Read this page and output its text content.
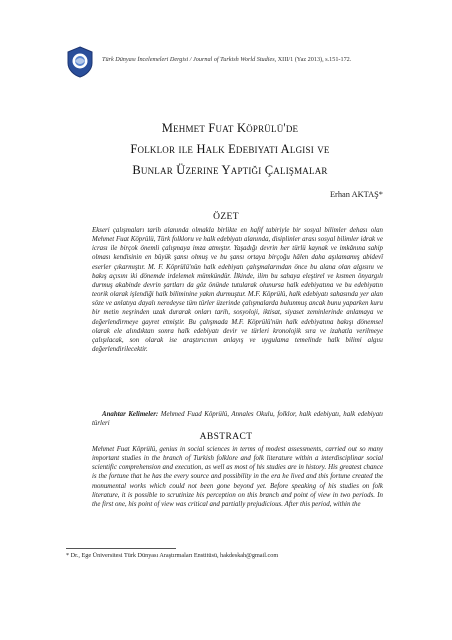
Türk Dünyası İncelemeleri Dergisi / Journal of Turkish World Studies, XIII/1 (Yaz 2013), s.151-172.
Mehmet Fuat Köprülü'de
Folklor ile Halk Edebiyatı Algısı ve
Bunlar Üzerine Yaptığı Çalışmalar
Erhan AKTAŞ*
ÖZET
Ekseri çalışmaları tarih alanında olmakla birlikte en hafif tabiriyle bir sosyal bilimler dehası olan Mehmet Fuat Köprülü, Türk folkloru ve halk edebiyatı alanında, disiplinler arası sosyal bilimler idrak ve icrası ile birçok önemli çalışmaya imza atmıştır. Yaşadığı devrin her türlü kaynak ve imkânına sahip olması kendisinin en büyük şansı olmuş ve bu şansı ortaya birçoğu hâlen daha aşılamamış abidevî eserler çıkarmıştır. M. F. Köprülü'nün halk edebiyatı çalışmalarından önce bu alana olan algısını ve bakış açısını iki dönemde irdelemek mümkündür. İlkinde, ilim bu sahaya eleştirel ve kısmen önyargılı durmuş akabinde devrin şartları da göz önünde tutularak olunursa halk edebiyatına ve bu edebiyatın teorik olarak işlendiği halk biliminine yakın durmuştur. M.F. Köprülü, halk edebiyatı sahasında yer alan söze ve anlatıya dayalı neredeyse tüm türler üzerinde çalışmalarda bulunmuş ancak bunu yaparken kuru bir metin neşrinden uzak durarak onları tarih, sosyoloji, iktisat, siyaset zeminlerinde anlamaya ve değerlendirmeye gayret etmiştir. Bu çalışmada M.F. Köprülü'nün halk edebiyatına bakışı dönemsel olarak ele alındıktan sonra halk edebiyatı devir ve türleri kronolojik sıra ve izahatla verilmeye çalışılacak, son olarak ise araştırıcının anlayış ve uygulama temelinde halk bilimi algısı değerlendirilecektir.
Anahtar Kelimeler: Mehmed Fuad Köprülü, Annales Okulu, folklor, halk edebiyatı, halk edebiyatı türleri
ABSTRACT
Mehmet Fuat Köprülü, genius in social sciences in terms of modest assessments, carried out so many important studies in the branch of Turkish folklore and folk literature within a interdisciplinar social scientific comprehension and execution, as well as most of his studies are in history. His greatest chance is the fortune that he has the every source and possibility in the era he lived and this fortune created the monumental works which could not been gone beyond yet. Before speaking of his studies on folk literature, it is possible to scrutinize his perception on this branch and point of view in two periods. In the first one, his point of view was critical and partially prejudicious. After this period, within the
* Dr., Ege Üniversitesi Türk Dünyası Araştırmaları Enstitüsü, hakdeskah@gmail.com
